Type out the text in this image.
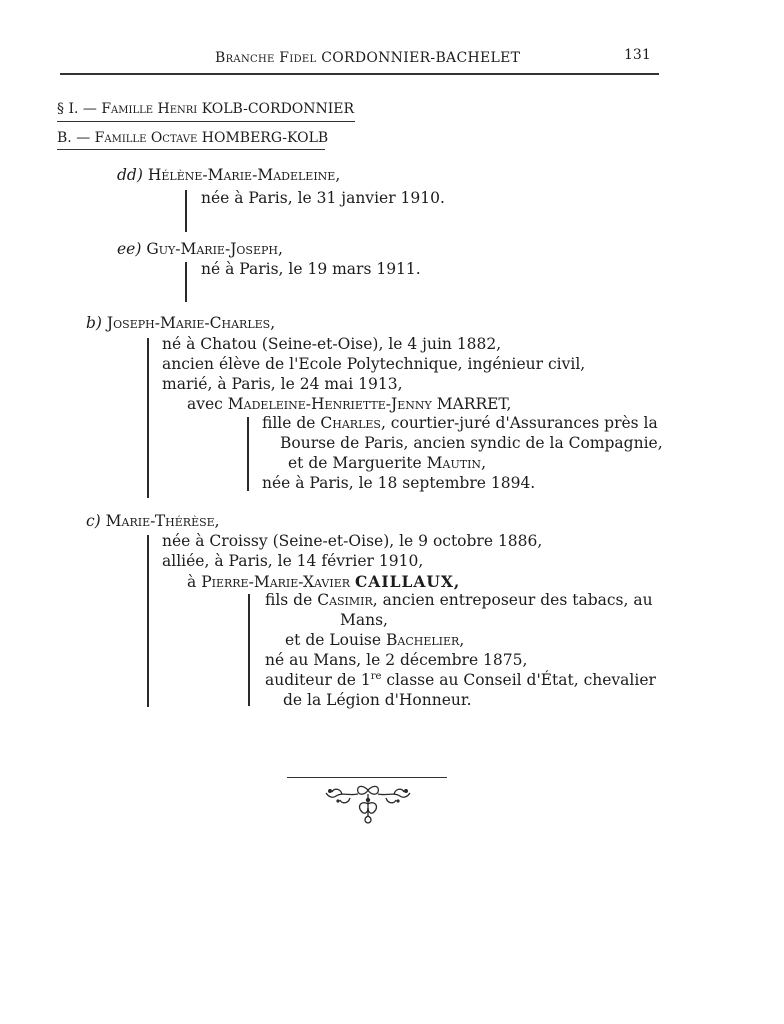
Branche Fidel CORDONNIER-BACHELET	131
§ I. — Famille Henri KOLB-CORDONNIER
B. — Famille Octave HOMBERG-KOLB
dd) Hélène-Marie-Madeleine,
née à Paris, le 31 janvier 1910.
ee) Guy-Marie-Joseph,
né à Paris, le 19 mars 1911.
b) Joseph-Marie-Charles,
né à Chatou (Seine-et-Oise), le 4 juin 1882,
ancien élève de l'Ecole Polytechnique, ingénieur civil,
marié, à Paris, le 24 mai 1913,
avec Madeleine-Henriette-Jenny MARRET,
fille de Charles, courtier-juré d'Assurances près la
Bourse de Paris, ancien syndic de la Compagnie,
et de Marguerite Mautin,
née à Paris, le 18 septembre 1894.
c) Marie-Thérèse,
née à Croissy (Seine-et-Oise), le 9 octobre 1886,
alliée, à Paris, le 14 février 1910,
à Pierre-Marie-Xavier CAILLAUX,
fils de Casimir, ancien entreposeur des tabacs, au
Mans,
et de Louise Bachelier,
né au Mans, le 2 décembre 1875,
auditeur de 1re classe au Conseil d'État, chevalier
de la Légion d'Honneur.
